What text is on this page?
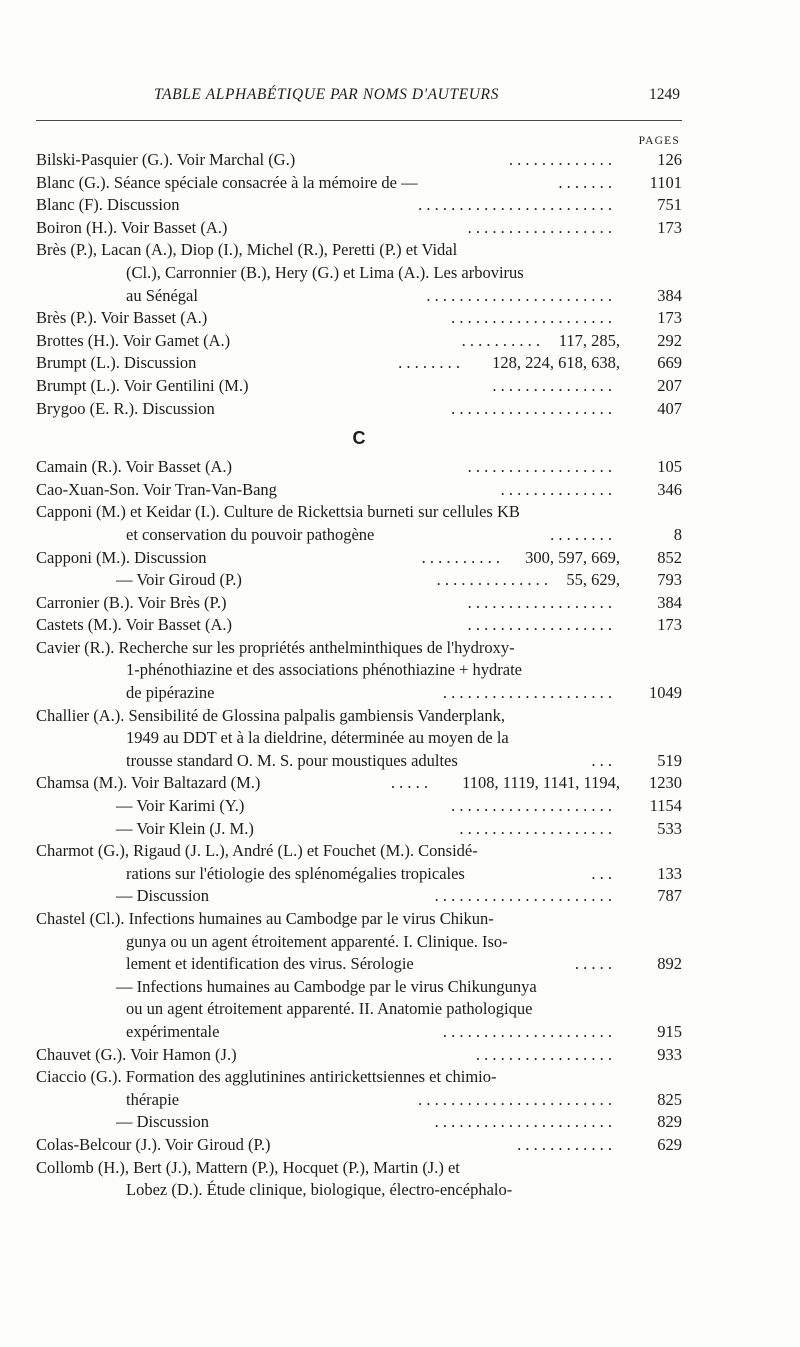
TABLE ALPHABÉTIQUE PAR NOMS D'AUTEURS	1249
PAGES
Bilski-Pasquier (G.). Voir Marchal (G.)	. . . . . . . . . . . . .	126
Blanc (G.). Séance spéciale consacrée à la mémoire de —	. . . . . . .	1101
Blanc (F). Discussion	. . . . . . . . . . . . . . . . . . . . . . . .	751
Boiron (H.). Voir Basset (A.)	. . . . . . . . . . . . . . . . . .	173
Brès (P.), Lacan (A.), Diop (I.), Michel (R.), Peretti (P.) et Vidal
(Cl.), Carronnier (B.), Hery (G.) et Lima (A.). Les arbovirus
au Sénégal	. . . . . . . . . . . . . . . . . . . . . . .	384
Brès (P.). Voir Basset (A.)	. . . . . . . . . . . . . . . . . . . .	173
Brottes (H.). Voir Gamet (A.)	. . . . . . . . . . 117, 285,	292
Brumpt (L.). Discussion	. . . . . . . . 128, 224, 618, 638,	669
Brumpt (L.). Voir Gentilini (M.)	. . . . . . . . . . . . . . .	207
Brygoo (E. R.). Discussion	. . . . . . . . . . . . . . . . . . . .	407
C
Camain (R.). Voir Basset (A.)	. . . . . . . . . . . . . . . . . .	105
Cao-Xuan-Son. Voir Tran-Van-Bang	. . . . . . . . . . . . . .	346
Capponi (M.) et Keidar (I.). Culture de Rickettsia burneti sur cellules KB
et conservation du pouvoir pathogène	. . . . . . . .	8
Capponi (M.). Discussion	. . . . . . . . . . 300, 597, 669,	852
— Voir Giroud (P.)	. . . . . . . . . . . . . . 55, 629,	793
Carronier (B.). Voir Brès (P.)	. . . . . . . . . . . . . . . . . .	384
Castets (M.). Voir Basset (A.)	. . . . . . . . . . . . . . . . . .	173
Cavier (R.). Recherche sur les propriétés anthelminthiques de l'hydroxy-
1-phénothiazine et des associations phénothiazine + hydrate
de pipérazine	. . . . . . . . . . . . . . . . . . . . .	1049
Challier (A.). Sensibilité de Glossina palpalis gambiensis Vanderplank,
1949 au DDT et à la dieldrine, déterminée au moyen de la
trousse standard O. M. S. pour moustiques adultes	. . .	519
Chamsa (M.). Voir Baltazard (M.)	. . . . . 1108, 1119, 1141, 1194,	1230
— Voir Karimi (Y.)	. . . . . . . . . . . . . . . . . . . .	1154
— Voir Klein (J. M.)	. . . . . . . . . . . . . . . . . . .	533
Charmot (G.), Rigaud (J. L.), André (L.) et Fouchet (M.). Considé-
rations sur l'étiologie des splénomégalies tropicales	. . .	133
— Discussion	. . . . . . . . . . . . . . . . . . . . . .	787
Chastel (Cl.). Infections humaines au Cambodge par le virus Chikun-
gunya ou un agent étroitement apparenté. I. Clinique. Iso-
lement et identification des virus. Sérologie	. . . . .	892
— Infections humaines au Cambodge par le virus Chikungunya
ou un agent étroitement apparenté. II. Anatomie pathologique
expérimentale	. . . . . . . . . . . . . . . . . . . . .	915
Chauvet (G.). Voir Hamon (J.)	. . . . . . . . . . . . . . . . .	933
Ciaccio (G.). Formation des agglutinines antirickettsiennes et chimio-
thérapie	. . . . . . . . . . . . . . . . . . . . . . . .	825
— Discussion	. . . . . . . . . . . . . . . . . . . . . .	829
Colas-Belcour (J.). Voir Giroud (P.)	. . . . . . . . . . . .	629
Collomb (H.), Bert (J.), Mattern (P.), Hocquet (P.), Martin (J.) et
Lobez (D.). Étude clinique, biologique, électro-encéphalo-
